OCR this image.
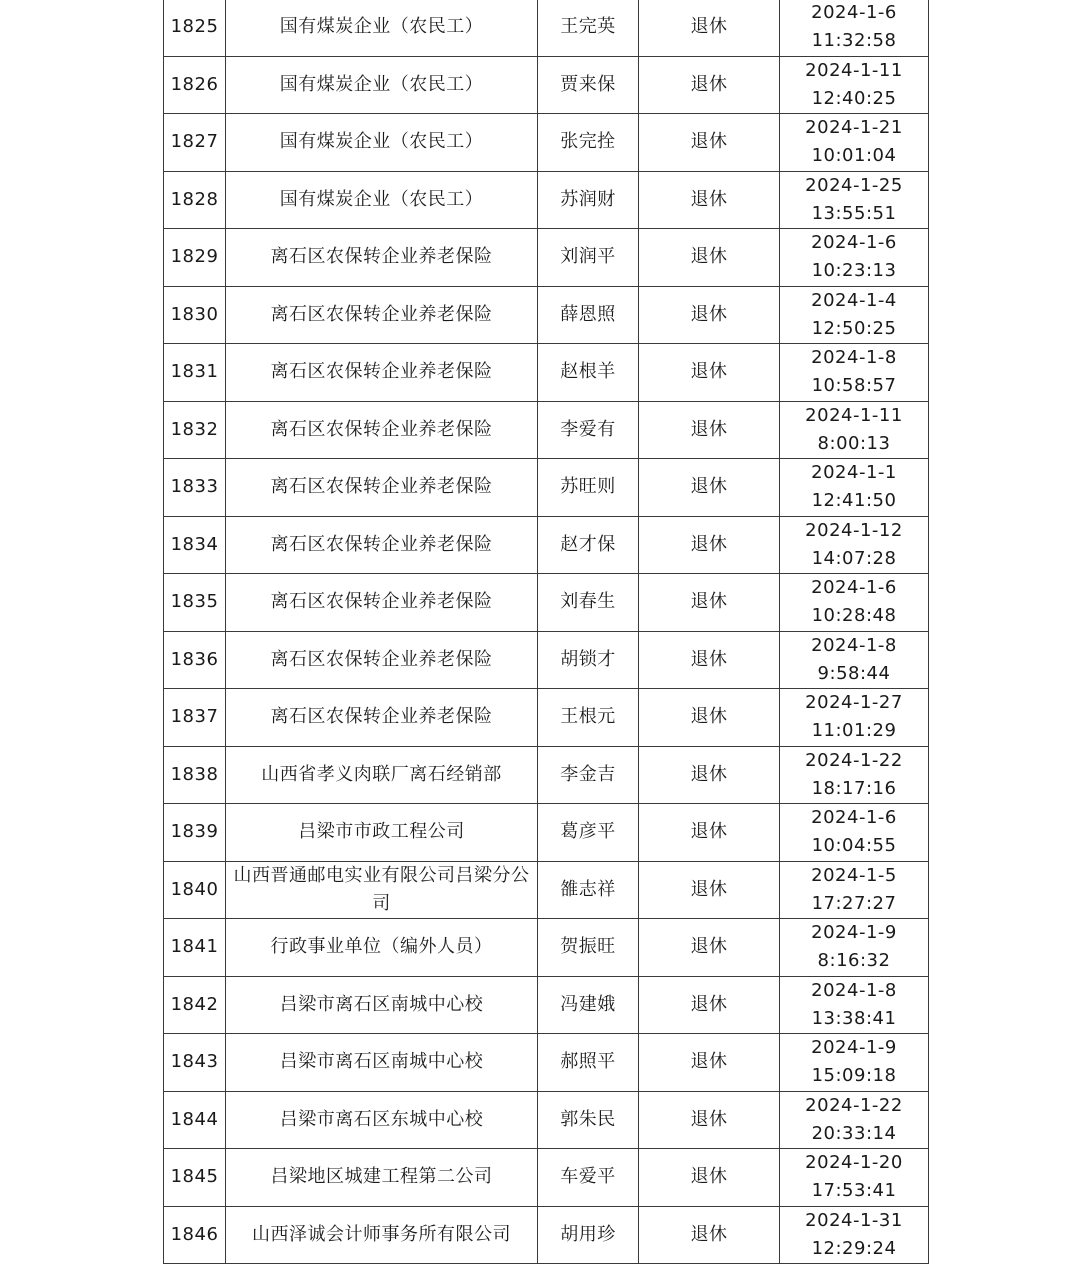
1825	国有煤炭企业（农民工）	王完英	退休	2024-1-6
11:32:58

1826	国有煤炭企业（农民工）	贾来保	退休	2024-1-11
12:40:25

1827	国有煤炭企业（农民工）	张完拴	退休	2024-1-21
10:01:04

1828	国有煤炭企业（农民工）	苏润财	退休	2024-1-25
13:55:51

1829	离石区农保转企业养老保险	刘润平	退休	2024-1-6
10:23:13

1830	离石区农保转企业养老保险	薛恩照	退休	2024-1-4
12:50:25

1831	离石区农保转企业养老保险	赵根羊	退休	2024-1-8
10:58:57

1832	离石区农保转企业养老保险	李爱有	退休	2024-1-11
8:00:13

1833	离石区农保转企业养老保险	苏旺则	退休	2024-1-1
12:41:50

1834	离石区农保转企业养老保险	赵才保	退休	2024-1-12
14:07:28

1835	离石区农保转企业养老保险	刘春生	退休	2024-1-6
10:28:48

1836	离石区农保转企业养老保险	胡锁才	退休	2024-1-8
9:58:44

1837	离石区农保转企业养老保险	王根元	退休	2024-1-27
11:01:29

1838	山西省孝义肉联厂离石经销部	李金吉	退休	2024-1-22
18:17:16

1839	吕梁市市政工程公司	葛彦平	退休	2024-1-6
10:04:55

1840	山西晋通邮电实业有限公司吕梁分公司	雒志祥	退休	2024-1-5
17:27:27

1841	行政事业单位（编外人员）	贺振旺	退休	2024-1-9
8:16:32

1842	吕梁市离石区南城中心校	冯建娥	退休	2024-1-8
13:38:41

1843	吕梁市离石区南城中心校	郝照平	退休	2024-1-9
15:09:18

1844	吕梁市离石区东城中心校	郭朱民	退休	2024-1-22
20:33:14

1845	吕梁地区城建工程第二公司	车爱平	退休	2024-1-20
17:53:41

1846	山西泽诚会计师事务所有限公司	胡用珍	退休	2024-1-31
12:29:24
